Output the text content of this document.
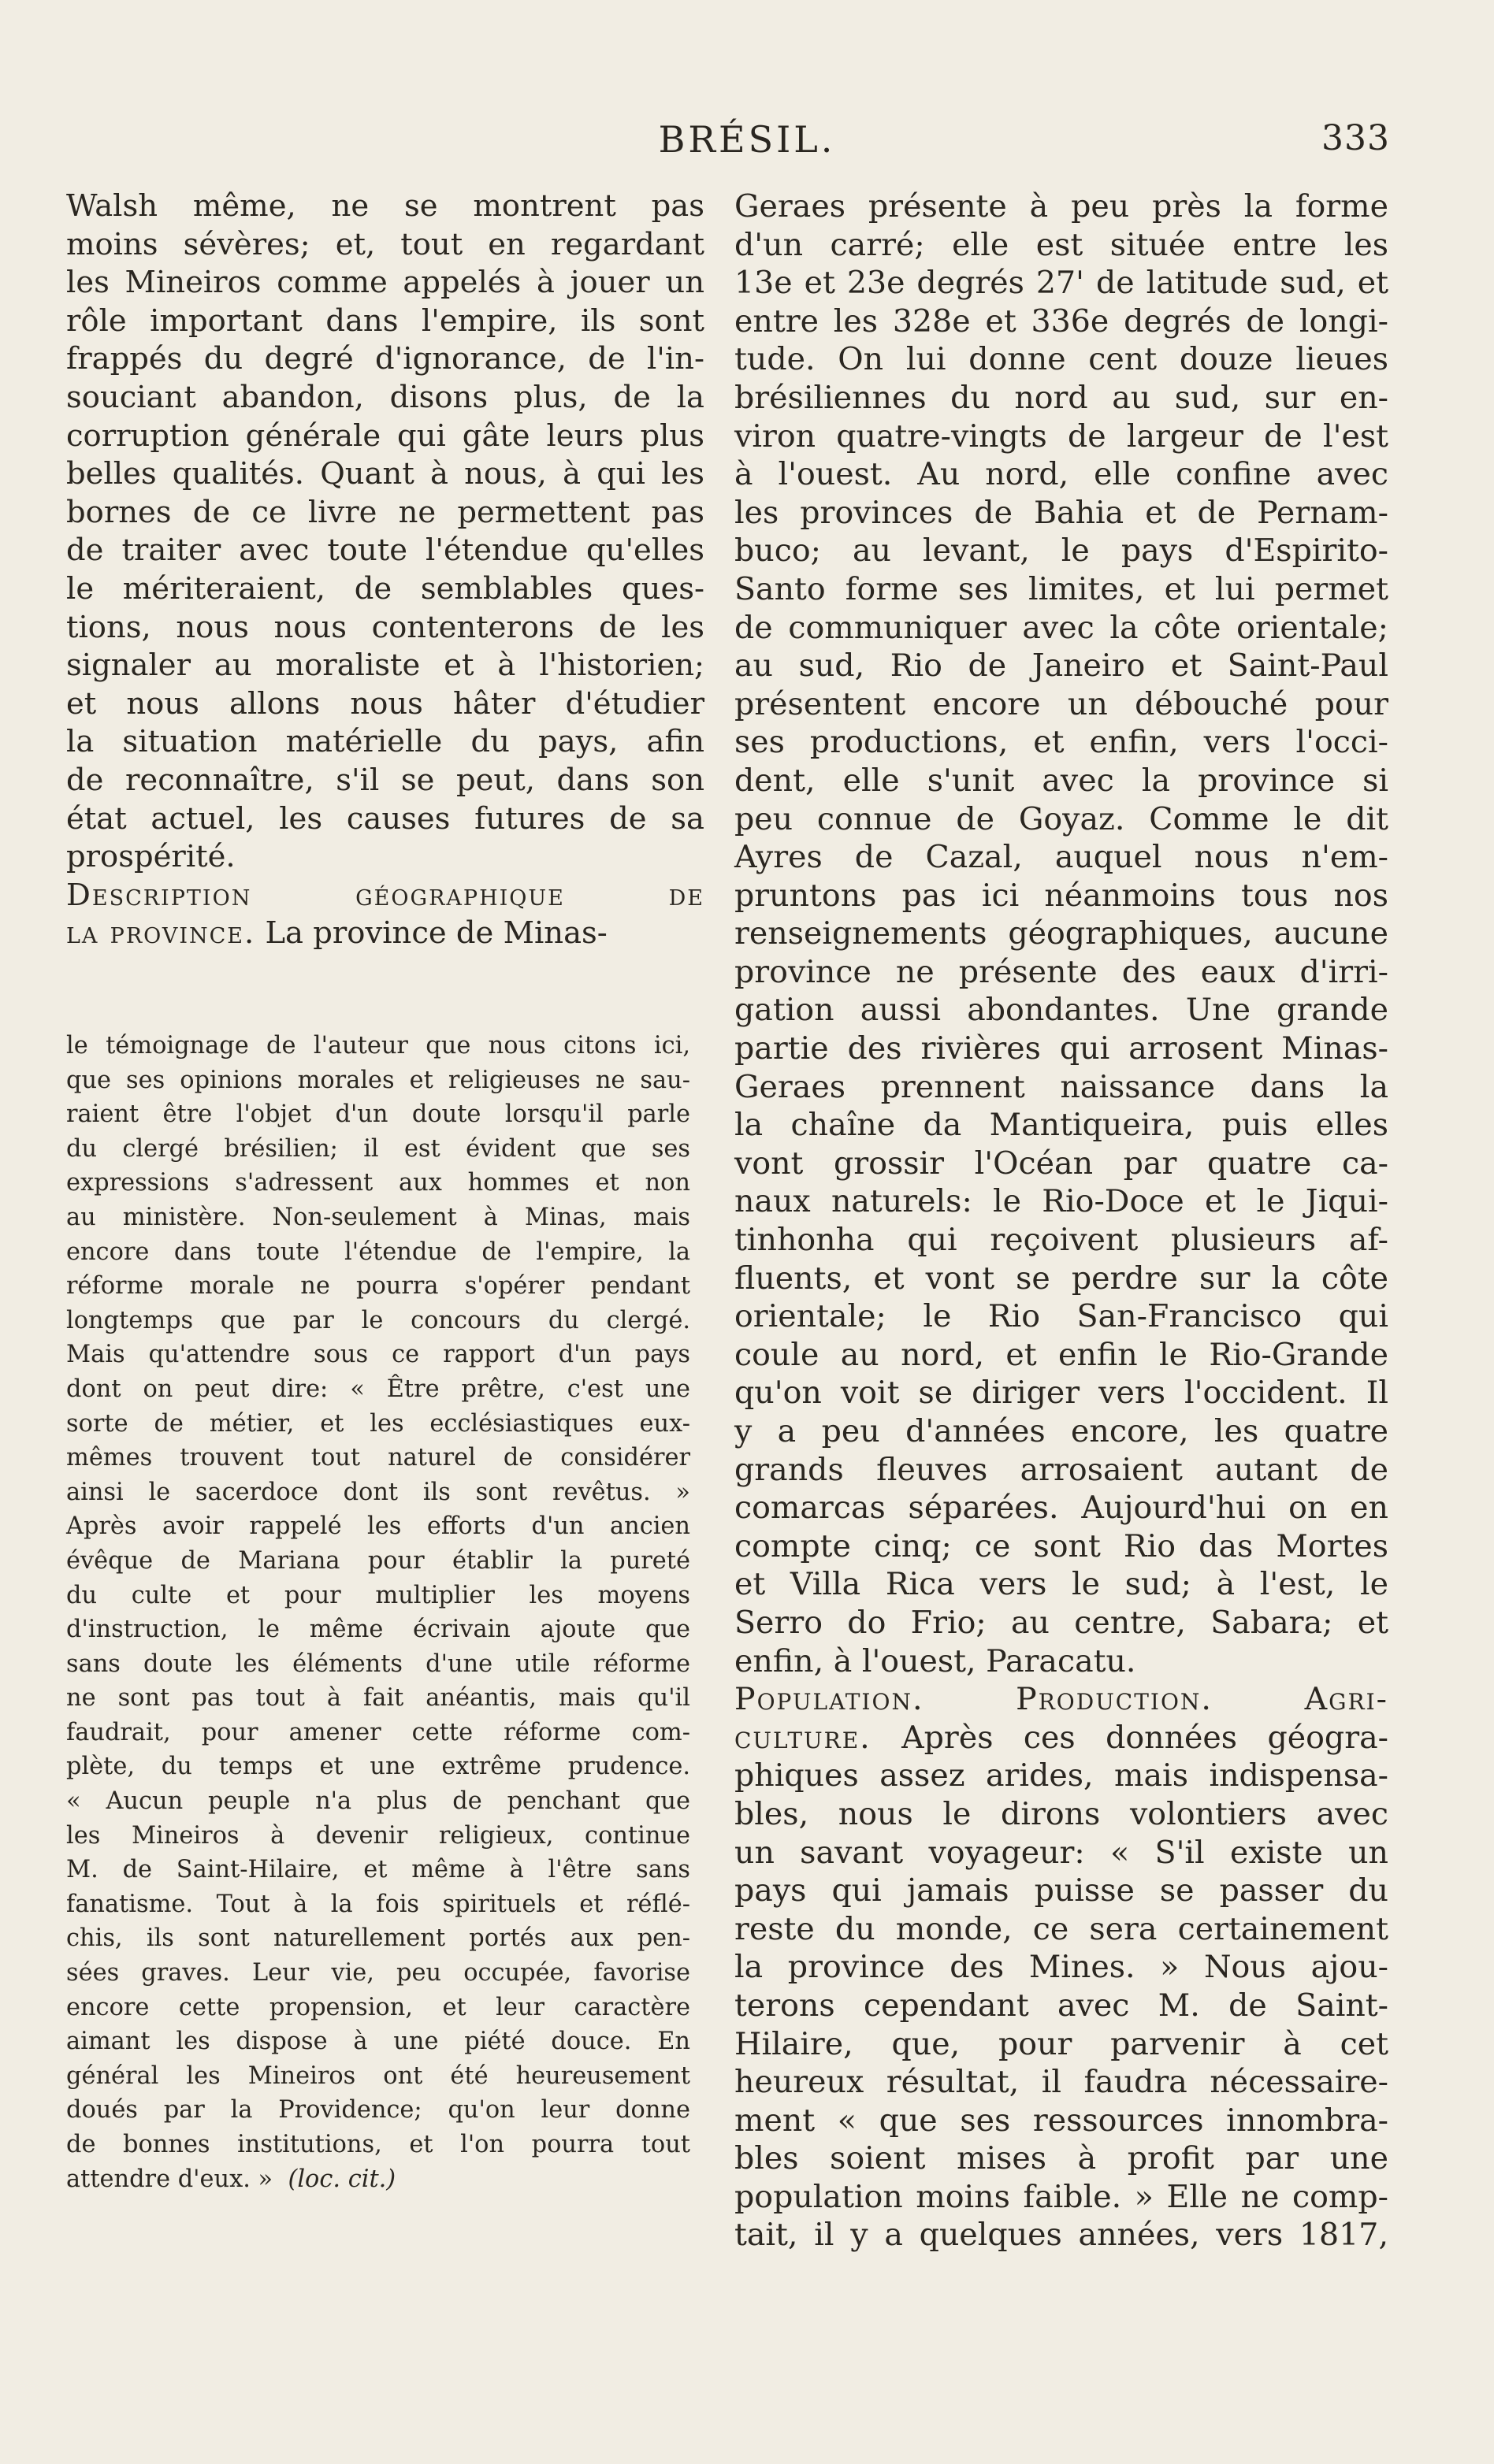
BRÉSIL.	333
Walsh même, ne se montrent pas
moins sévères; et, tout en regardant
les Mineiros comme appelés à jouer un
rôle important dans l'empire, ils sont
frappés du degré d'ignorance, de l'in-
souciant abandon, disons plus, de la
corruption générale qui gâte leurs plus
belles qualités. Quant à nous, à qui les
bornes de ce livre ne permettent pas
de traiter avec toute l'étendue qu'elles
le mériteraient, de semblables ques-
tions, nous nous contenterons de les
signaler au moraliste et à l'historien;
et nous allons nous hâter d'étudier
la situation matérielle du pays, afin
de reconnaître, s'il se peut, dans son
état actuel, les causes futures de sa
prospérité.
Description géographique de
la province. La province de Minas-
le témoignage de l'auteur que nous citons ici,
que ses opinions morales et religieuses ne sau-
raient être l'objet d'un doute lorsqu'il parle
du clergé brésilien; il est évident que ses
expressions s'adressent aux hommes et non
au ministère. Non-seulement à Minas, mais
encore dans toute l'étendue de l'empire, la
réforme morale ne pourra s'opérer pendant
longtemps que par le concours du clergé.
Mais qu'attendre sous ce rapport d'un pays
dont on peut dire: « Être prêtre, c'est une
sorte de métier, et les ecclésiastiques eux-
mêmes trouvent tout naturel de considérer
ainsi le sacerdoce dont ils sont revêtus. »
Après avoir rappelé les efforts d'un ancien
évêque de Mariana pour établir la pureté
du culte et pour multiplier les moyens
d'instruction, le même écrivain ajoute que
sans doute les éléments d'une utile réforme
ne sont pas tout à fait anéantis, mais qu'il
faudrait, pour amener cette réforme com-
plète, du temps et une extrême prudence.
« Aucun peuple n'a plus de penchant que
les Mineiros à devenir religieux, continue
M. de Saint-Hilaire, et même à l'être sans
fanatisme. Tout à la fois spirituels et réflé-
chis, ils sont naturellement portés aux pen-
sées graves. Leur vie, peu occupée, favorise
encore cette propension, et leur caractère
aimant les dispose à une piété douce. En
général les Mineiros ont été heureusement
doués par la Providence; qu'on leur donne
de bonnes institutions, et l'on pourra tout
attendre d'eux. » (loc. cit.)
Geraes présente à peu près la forme
d'un carré; elle est située entre les
13e et 23e degrés 27' de latitude sud, et
entre les 328e et 336e degrés de longi-
tude. On lui donne cent douze lieues
brésiliennes du nord au sud, sur en-
viron quatre-vingts de largeur de l'est
à l'ouest. Au nord, elle confine avec
les provinces de Bahia et de Pernam-
buco; au levant, le pays d'Espirito-
Santo forme ses limites, et lui permet
de communiquer avec la côte orientale;
au sud, Rio de Janeiro et Saint-Paul
présentent encore un débouché pour
ses productions, et enfin, vers l'occi-
dent, elle s'unit avec la province si
peu connue de Goyaz. Comme le dit
Ayres de Cazal, auquel nous n'em-
pruntons pas ici néanmoins tous nos
renseignements géographiques, aucune
province ne présente des eaux d'irri-
gation aussi abondantes. Une grande
partie des rivières qui arrosent Minas-
Geraes prennent naissance dans la
la chaîne da Mantiqueira, puis elles
vont grossir l'Océan par quatre ca-
naux naturels: le Rio-Doce et le Jiqui-
tinhonha qui reçoivent plusieurs af-
fluents, et vont se perdre sur la côte
orientale; le Rio San-Francisco qui
coule au nord, et enfin le Rio-Grande
qu'on voit se diriger vers l'occident. Il
y a peu d'années encore, les quatre
grands fleuves arrosaient autant de
comarcas séparées. Aujourd'hui on en
compte cinq; ce sont Rio das Mortes
et Villa Rica vers le sud; à l'est, le
Serro do Frio; au centre, Sabara; et
enfin, à l'ouest, Paracatu.
Population. Production. Agri-
culture. Après ces données géogra-
phiques assez arides, mais indispensa-
bles, nous le dirons volontiers avec
un savant voyageur: « S'il existe un
pays qui jamais puisse se passer du
reste du monde, ce sera certainement
la province des Mines. » Nous ajou-
terons cependant avec M. de Saint-
Hilaire, que, pour parvenir à cet
heureux résultat, il faudra nécessaire-
ment « que ses ressources innombra-
bles soient mises à profit par une
population moins faible. » Elle ne comp-
tait, il y a quelques années, vers 1817,
